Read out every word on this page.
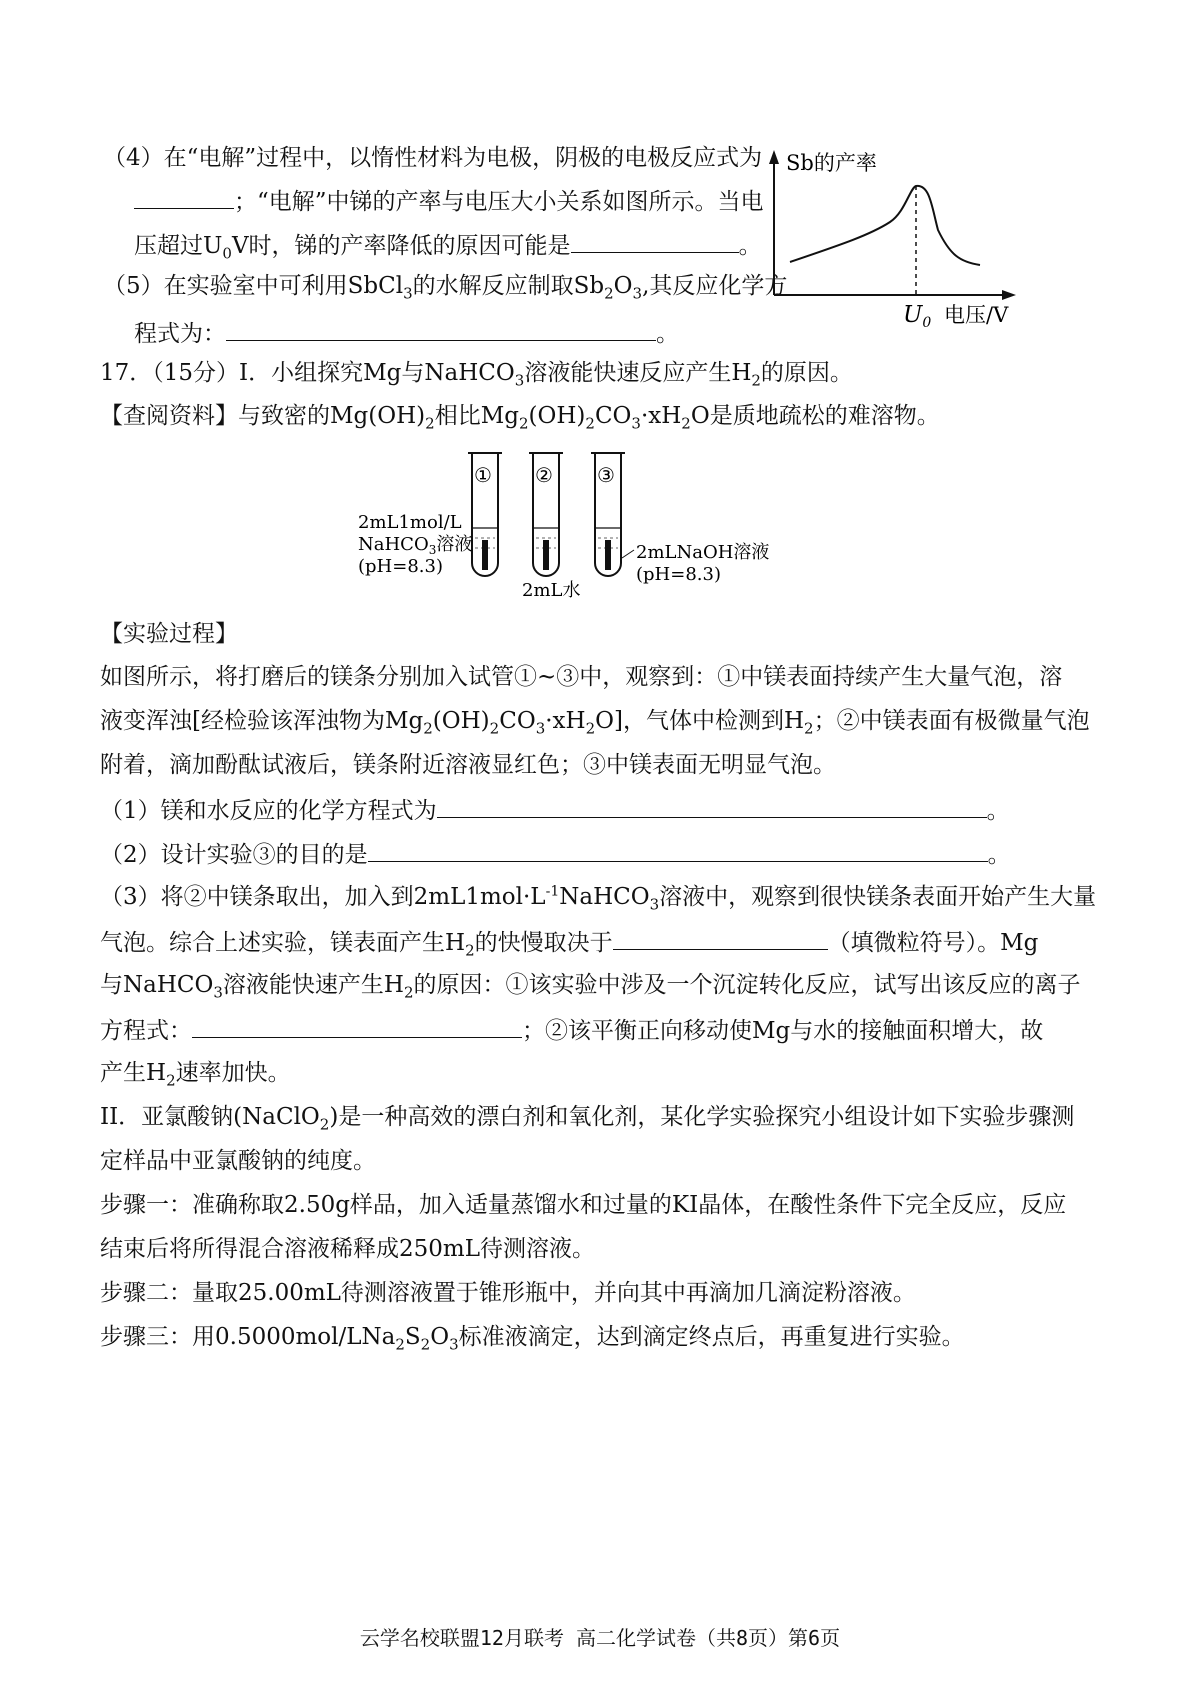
（4）在“电解”过程中，以惰性材料为电极，阴极的电极反应式为
；“电解”中锑的产率与电压大小关系如图所示。当电
压超过$U_0V$时，锑的产率降低的原因可能是	。
（5）在实验室中可利用SbCl$_3$的水解反应制取$Sb_2O_3$,其反应化学方
程式为：	。
Sb的产率
$U_0$ 电压/V
17．（15分）I．小组探究Mg与NaHCO$_3$溶液能快速反应产生$H_2$的原因。
【查阅资料】与致密的$Mg(OH)_2$相比$Mg_2(OH)_2CO_3\cdot xH_2O$是质地疏松的难溶物。
① ② ③
2mL1mol/L
NaHCO$_3$溶液
(pH=8.3)
2mL水
2mLNaOH溶液
(pH=8.3)
【实验过程】
如图所示，将打磨后的镁条分别加入试管①~③中，观察到：①中镁表面持续产生大量气泡，溶
液变浑浊[经检验该浑浊物为$Mg_2(OH)_2CO_3\cdot xH_2O$]，气体中检测到$H_2$；②中镁表面有极微量气泡
附着，滴加酚酞试液后，镁条附近溶液显红色；③中镁表面无明显气泡。
（1）镁和水反应的化学方程式为	。
（2）设计实验③的目的是	。
（3）将②中镁条取出，加入到$2mL1mol\cdot L^{-1}NaHCO_3$溶液中，观察到很快镁条表面开始产生大量
气泡。综合上述实验，镁表面产生$H_2$的快慢取决于	（填微粒符号）。Mg
与NaHCO$_3$溶液能快速产生$H_2$的原因：①该实验中涉及一个沉淀转化反应，试写出该反应的离子
方程式：	；②该平衡正向移动使Mg与水的接触面积增大，故
产生$H_2$速率加快。
II．亚氯酸钠(NaClO$_2$)是一种高效的漂白剂和氧化剂，某化学实验探究小组设计如下实验步骤测
定样品中亚氯酸钠的纯度。
步骤一：准确称取2.50g样品，加入适量蒸馏水和过量的KI晶体，在酸性条件下完全反应，反应
结束后将所得混合溶液稀释成250mL待测溶液。
步骤二：量取25.00mL待测溶液置于锥形瓶中，并向其中再滴加几滴淀粉溶液。
步骤三：用$0.5000mol/LNa_2S_2O_3$标准液滴定，达到滴定终点后，再重复进行实验。
云学名校联盟12月联考 高二化学试卷（共8页）第6页
